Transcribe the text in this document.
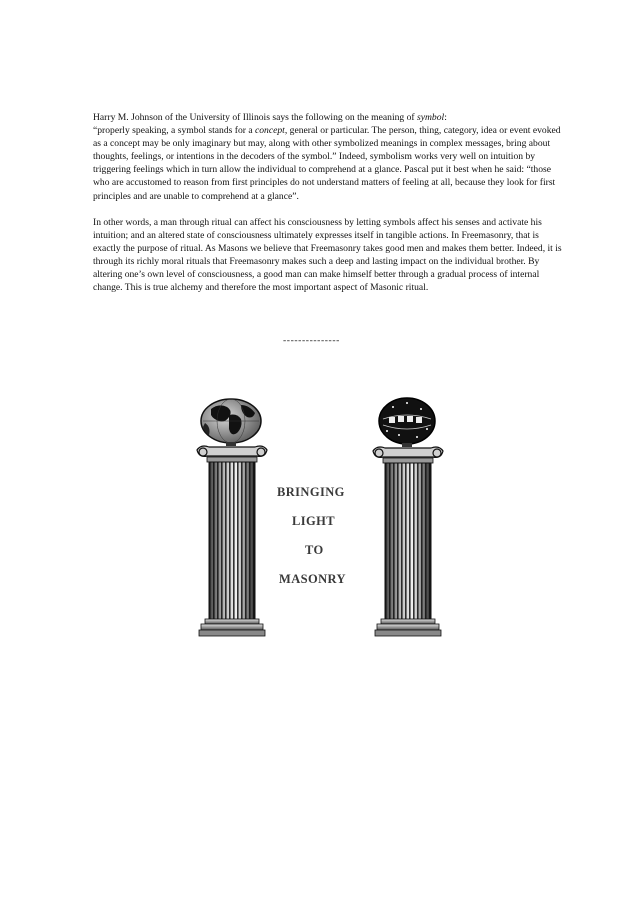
Harry M. Johnson of the University of Illinois says the following on the meaning of symbol:
“properly speaking, a symbol stands for a concept, general or particular. The person, thing, category, idea or event evoked as a concept may be only imaginary but may, along with other symbolized meanings in complex messages, bring about thoughts, feelings, or intentions in the decoders of the symbol.” Indeed, symbolism works very well on intuition by triggering feelings which in turn allow the individual to comprehend at a glance. Pascal put it best when he said: “those who are accustomed to reason from first principles do not understand matters of feeling at all, because they look for first principles and are unable to comprehend at a glance”.

In other words, a man through ritual can affect his consciousness by letting symbols affect his senses and activate his intuition; and an altered state of consciousness ultimately expresses itself in tangible actions. In Freemasonry, that is exactly the purpose of ritual. As Masons we believe that Freemasonry takes good men and makes them better. Indeed, it is through its richly moral rituals that Freemasonry makes such a deep and lasting impact on the individual brother. By altering one’s own level of consciousness, a good man can make himself better through a gradual process of internal change. This is true alchemy and therefore the most important aspect of Masonic ritual.

---------------
BRINGING
LIGHT
TO
MASONRY
